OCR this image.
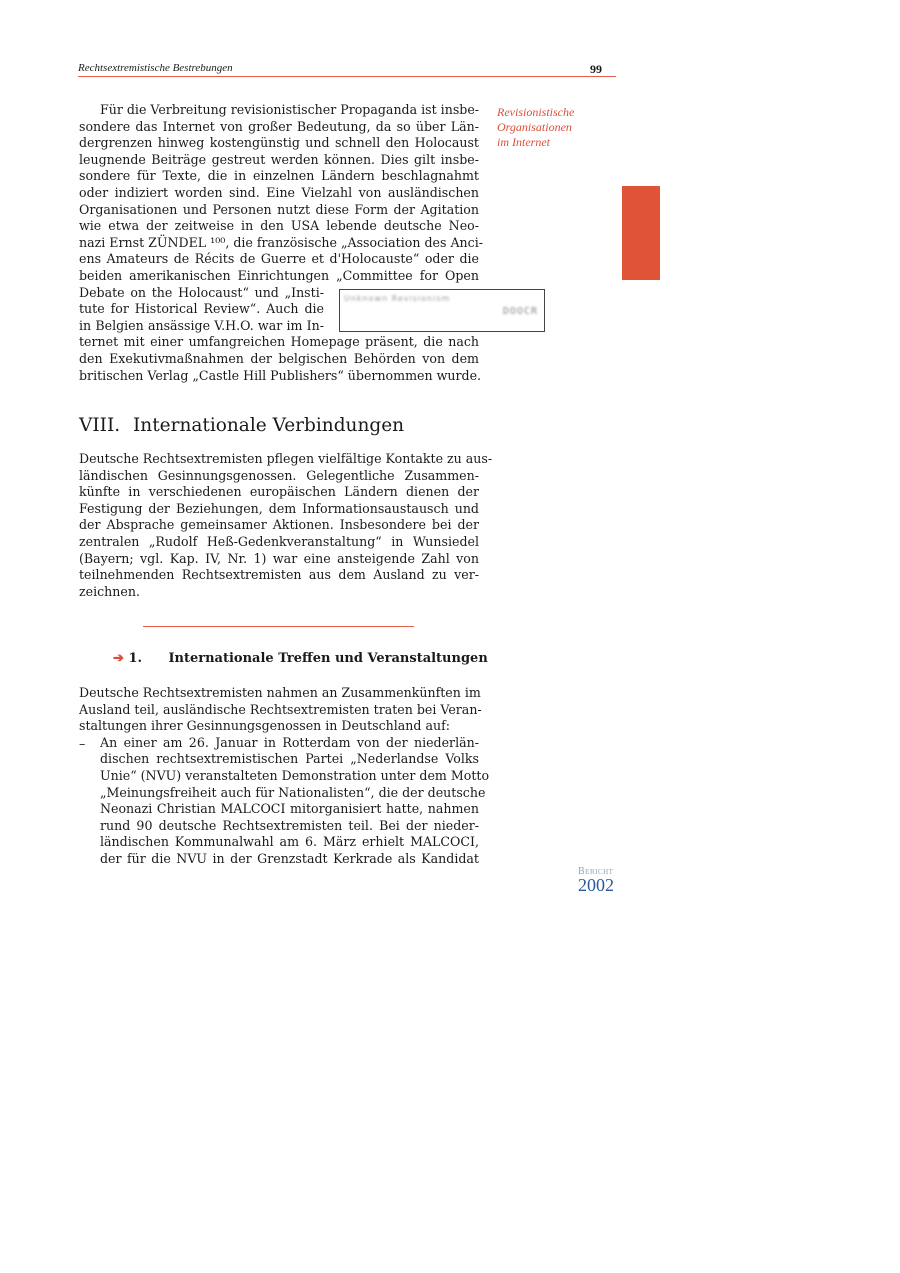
Rechtsextremistische Bestrebungen	99
Revisionistische
Organisationen
im Internet
Für die Verbreitung revisionistischer Propaganda ist insbe-
sondere das Internet von großer Bedeutung, da so über Län-
dergrenzen hinweg kostengünstig und schnell den Holocaust
leugnende Beiträge gestreut werden können. Dies gilt insbe-
sondere für Texte, die in einzelnen Ländern beschlagnahmt
oder indiziert worden sind. Eine Vielzahl von ausländischen
Organisationen und Personen nutzt diese Form der Agitation
wie etwa der zeitweise in den USA lebende deutsche Neo-
nazi Ernst ZÜNDEL ¹⁰⁰, die französische „Association des Anci-
ens Amateurs de Récits de Guerre et d'Holocauste“ oder die
beiden amerikanischen Einrichtungen „Committee for Open
Debate on the Holocaust“ und „Insti-
tute for Historical Review“. Auch die
in Belgien ansässige V.H.O. war im In-
Unknown Revisionism
DOOCR
ternet mit einer umfangreichen Homepage präsent, die nach
den Exekutivmaßnahmen der belgischen Behörden von dem
britischen Verlag „Castle Hill Publishers“ übernommen wurde.
VIII. Internationale Verbindungen
Deutsche Rechtsextremisten pflegen vielfältige Kontakte zu aus-
ländischen Gesinnungsgenossen. Gelegentliche Zusammen-
künfte in verschiedenen europäischen Ländern dienen der
Festigung der Beziehungen, dem Informationsaustausch und
der Absprache gemeinsamer Aktionen. Insbesondere bei der
zentralen „Rudolf Heß-Gedenkveranstaltung“ in Wunsiedel
(Bayern; vgl. Kap. IV, Nr. 1) war eine ansteigende Zahl von
teilnehmenden Rechtsextremisten aus dem Ausland zu ver-
zeichnen.
➔ 1. Internationale Treffen und Veranstaltungen
Deutsche Rechtsextremisten nahmen an Zusammenkünften im
Ausland teil, ausländische Rechtsextremisten traten bei Veran-
staltungen ihrer Gesinnungsgenossen in Deutschland auf:
– An einer am 26. Januar in Rotterdam von der niederlän-
dischen rechtsextremistischen Partei „Nederlandse Volks
Unie“ (NVU) veranstalteten Demonstration unter dem Motto
„Meinungsfreiheit auch für Nationalisten“, die der deutsche
Neonazi Christian MALCOCI mitorganisiert hatte, nahmen
rund 90 deutsche Rechtsextremisten teil. Bei der nieder-
ländischen Kommunalwahl am 6. März erhielt MALCOCI,
der für die NVU in der Grenzstadt Kerkrade als Kandidat
Bericht
2002
